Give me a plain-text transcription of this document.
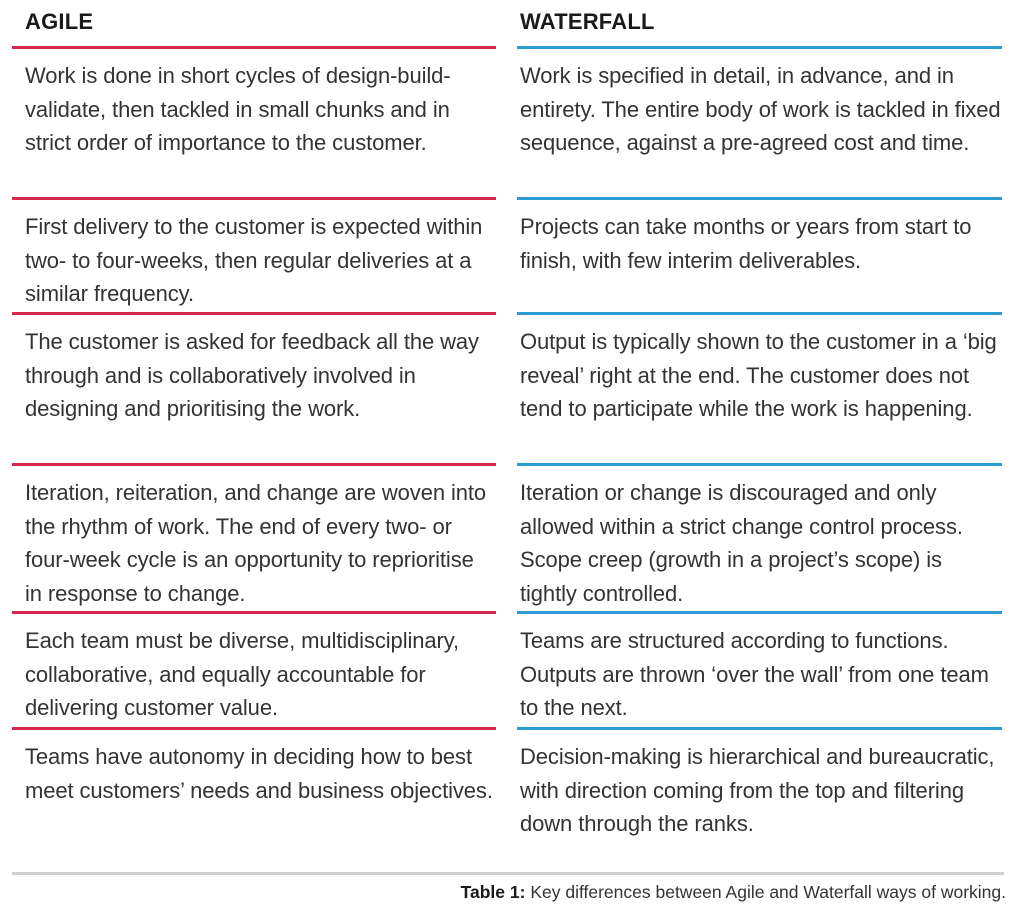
AGILE

Work is done in short cycles of design-build-validate, then tackled in small chunks and in strict order of importance to the customer.

First delivery to the customer is expected within two- to four-weeks, then regular deliveries at a similar frequency.

The customer is asked for feedback all the way through and is collaboratively involved in designing and prioritising the work.

Iteration, reiteration, and change are woven into the rhythm of work. The end of every two- or four-week cycle is an opportunity to reprioritise in response to change.

Each team must be diverse, multidisciplinary, collaborative, and equally accountable for delivering customer value.

Teams have autonomy in deciding how to best meet customers’ needs and business objectives.

WATERFALL

Work is specified in detail, in advance, and in entirety. The entire body of work is tackled in fixed sequence, against a pre-agreed cost and time.

Projects can take months or years from start to finish, with few interim deliverables.

Output is typically shown to the customer in a ‘big reveal’ right at the end. The customer does not tend to participate while the work is happening.

Iteration or change is discouraged and only allowed within a strict change control process. Scope creep (growth in a project’s scope) is tightly controlled.

Teams are structured according to functions. Outputs are thrown ‘over the wall’ from one team to the next.

Decision-making is hierarchical and bureaucratic, with direction coming from the top and filtering down through the ranks.

Table 1: Key differences between Agile and Waterfall ways of working.
